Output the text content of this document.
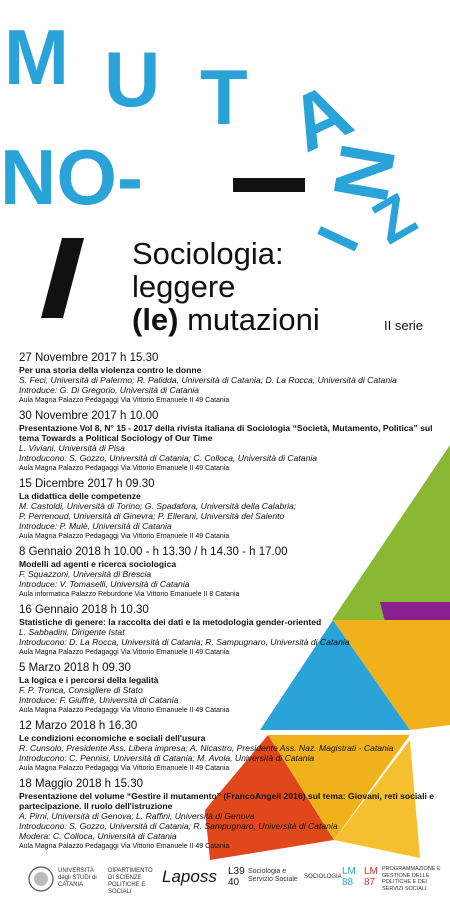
M U T A
N
NO-	Z
I
Sociologia:
leggere
(le) mutazioni	II serie
27 Novembre 2017 h 15.30
Per una storia della violenza contro le donne
S. Feci, Università di Palermo; R. Palidda, Università di Catania; D. La Rocca, Università di Catania
Introduce: G. Di Gregorio, Università di Catania
Aula Magna Palazzo Pedagaggi Via Vittorio Emanuele II 49 Catania
30 Novembre 2017 h 10.00
Presentazione Vol 8, N° 15 - 2017 della rivista italiana di Sociologia “Società, Mutamento, Politica” sul tema Towards a Political Sociology of Our Time
L. Viviani, Università di Pisa
Introducono: S. Gozzo, Università di Catania; C. Colloca, Università di Catania
Aula Magna Palazzo Pedagaggi Via Vittorio Emanuele II 49 Catania
15 Dicembre 2017 h 09.30
La didattica delle competenze
M. Castoldi, Università di Torino; G. Spadafora, Università della Calabria;
P. Perrenoud, Università di Ginevra; P. Ellerani, Università del Salento
Introduce: P. Mulè, Università di Catania
Aula Magna Palazzo Pedagaggi Via Vittorio Emanuele II 49 Catania
8 Gennaio 2018 h 10.00 - h 13.30 / h 14.30 - h 17.00
Modelli ad agenti e ricerca sociologica
F. Squazzoni, Università di Brescia
Introduce: V. Tomaselli, Università di Catania
Aula informatica Palazzo Reburdone Via Vittorio Emanuele II 8 Catania
16 Gennaio 2018 h 10.30
Statistiche di genere: la raccolta dei dati e la metodologia gender-oriented
L. Sabbadini, Dirigente Istat
Introducono: D. La Rocca, Università di Catania; R. Sampugnaro, Università di Catania
Aula Magna Palazzo Pedagaggi Via Vittorio Emanuele II 49 Catania
5 Marzo 2018 h 09.30
La logica e i percorsi della legalità
F. P. Tronca, Consigliere di Stato
Introduce: F. Giuffrè, Università di Catania
Aula Magna Palazzo Pedagaggi Via Vittorio Emanuele II 49 Catania
12 Marzo 2018 h 16.30
Le condizioni economiche e sociali dell'usura
R. Cunsolo, Presidente Ass. Libera impresa; A. Nicastro, Presidente Ass. Naz. Magistrati - Catania
Introducono: C. Pennisi, Università di Catania; M. Avola, Università di Catania
Aula Magna Palazzo Pedagaggi Via Vittorio Emanuele II 49 Catania
18 Maggio 2018 h 15.30
Presentazione del volume “Gestire il mutamento” (FrancoAngeli 2016) sul tema: Giovani, reti sociali e partecipazione. Il ruolo dell'istruzione
A. Pirni, Università di Genova; L. Raffini, Università di Genova
Introducono: S. Gozzo, Università di Catania; R. Sampugnaro, Università di Catania
Modera: C. Colloca, Università di Catania
Aula Magna Palazzo Pedagaggi Via Vittorio Emanuele II 49 Catania
UNIVERSITÀ degli STUDI di CATANIA
DIPARTIMENTO DI SCIENZE POLITICHE E SOCIALI
Laposs L39 40
Sociologia e Servizio Sociale SOCIOLOGIA LM 88
LM 87
PROGRAMMAZIONE E GESTIONE DELLE POLITICHE E DEI SERVIZI SOCIALI
